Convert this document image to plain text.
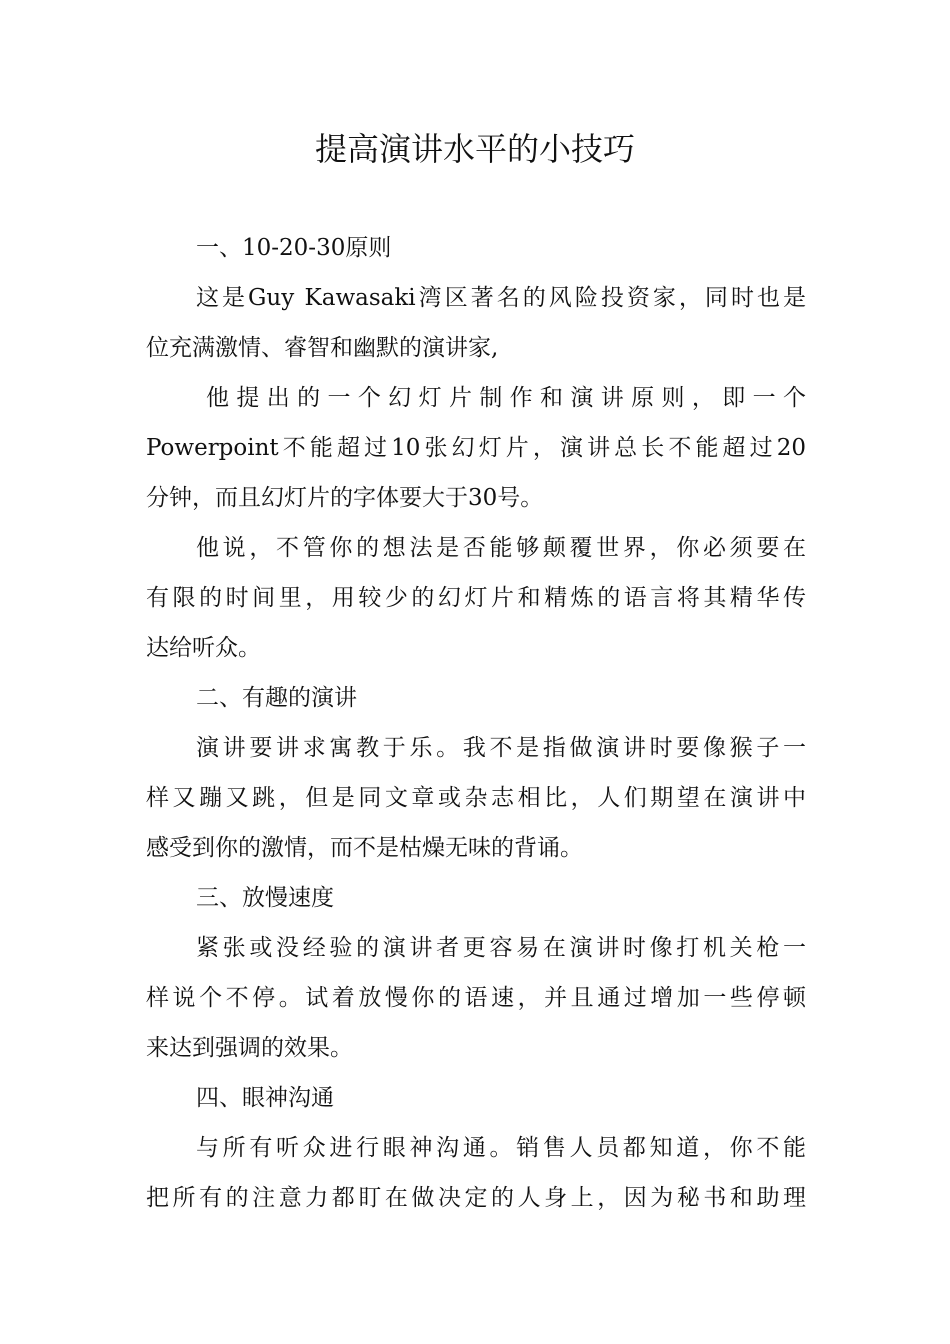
提高演讲水平的小技巧

一、10-20-30原则

这是Guy Kawasaki湾区著名的风险投资家，同时也是

位充满激情、睿智和幽默的演讲家,

他提出的一个幻灯片制作和演讲原则，即一个

Powerpoint不能超过10张幻灯片，演讲总长不能超过20

分钟，而且幻灯片的字体要大于30号。

他说，不管你的想法是否能够颠覆世界，你必须要在

有限的时间里，用较少的幻灯片和精炼的语言将其精华传

达给听众。

二、有趣的演讲

演讲要讲求寓教于乐。我不是指做演讲时要像猴子一

样又蹦又跳，但是同文章或杂志相比，人们期望在演讲中

感受到你的激情，而不是枯燥无味的背诵。

三、放慢速度

紧张或没经验的演讲者更容易在演讲时像打机关枪一

样说个不停。试着放慢你的语速，并且通过增加一些停顿

来达到强调的效果。

四、眼神沟通

与所有听众进行眼神沟通。销售人员都知道，你不能

把所有的注意力都盯在做决定的人身上，因为秘书和助理
